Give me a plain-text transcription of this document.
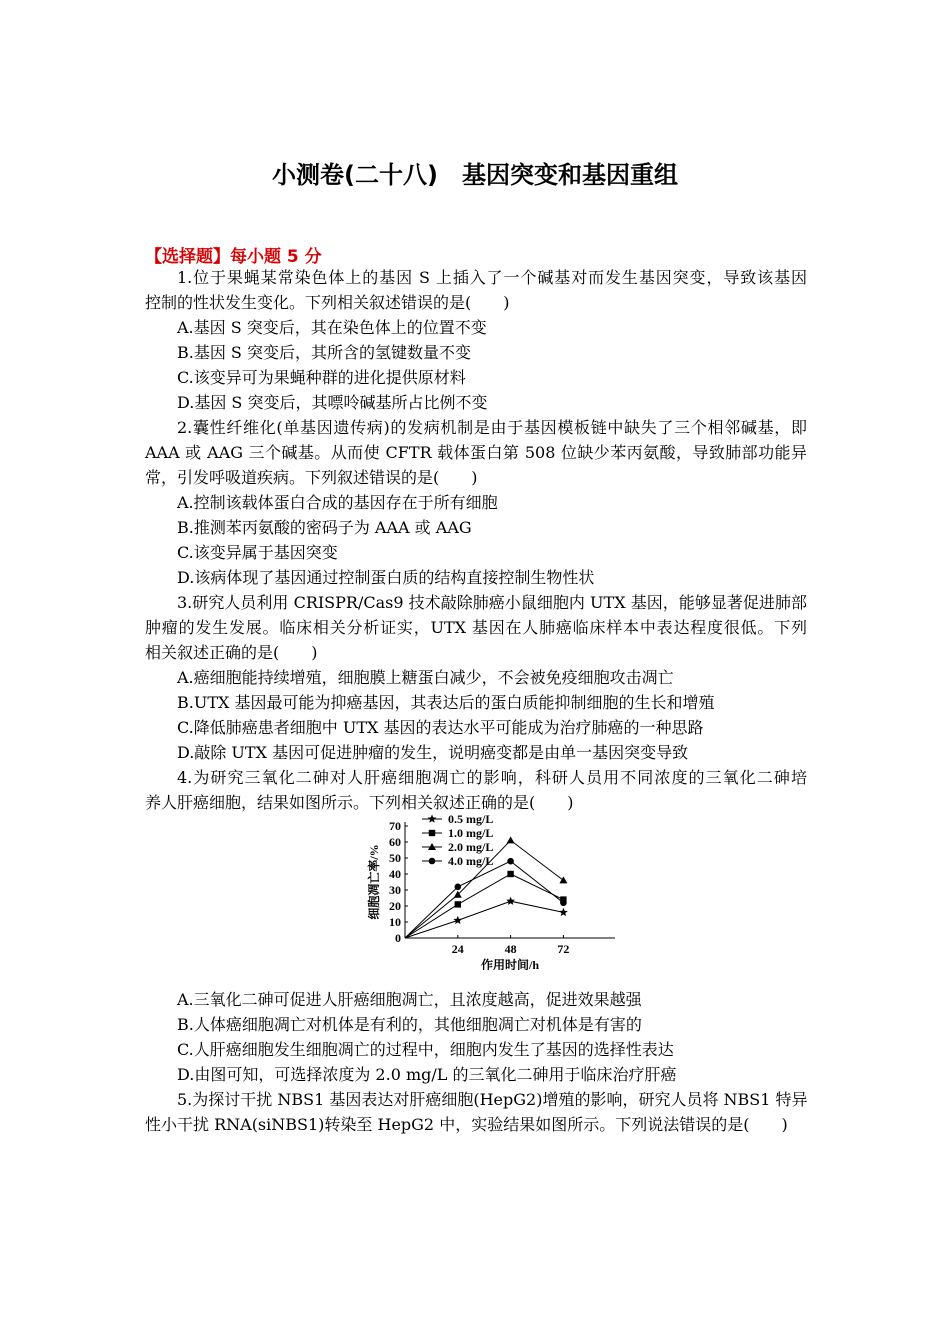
小测卷(二十八)　基因突变和基因重组
【选择题】每小题 5 分
1.位于果蝇某常染色体上的基因 S 上插入了一个碱基对而发生基因突变，导致该基因
控制的性状发生变化。下列相关叙述错误的是(　　)
A.基因 S 突变后，其在染色体上的位置不变
B.基因 S 突变后，其所含的氢键数量不变
C.该变异可为果蝇种群的进化提供原材料
D.基因 S 突变后，其嘌呤碱基所占比例不变
2.囊性纤维化(单基因遗传病)的发病机制是由于基因模板链中缺失了三个相邻碱基，即
AAA 或 AAG 三个碱基。从而使 CFTR 载体蛋白第 508 位缺少苯丙氨酸，导致肺部功能异
常，引发呼吸道疾病。下列叙述错误的是(　　)
A.控制该载体蛋白合成的基因存在于所有细胞
B.推测苯丙氨酸的密码子为 AAA 或 AAG
C.该变异属于基因突变
D.该病体现了基因通过控制蛋白质的结构直接控制生物性状
3.研究人员利用 CRISPR/Cas9 技术敲除肺癌小鼠细胞内 UTX 基因，能够显著促进肺部
肿瘤的发生发展。临床相关分析证实，UTX 基因在人肺癌临床样本中表达程度很低。下列
相关叙述正确的是(　　)
A.癌细胞能持续增殖，细胞膜上糖蛋白减少，不会被免疫细胞攻击凋亡
B.UTX 基因最可能为抑癌基因，其表达后的蛋白质能抑制细胞的生长和增殖
C.降低肺癌患者细胞中 UTX 基因的表达水平可能成为治疗肺癌的一种思路
D.敲除 UTX 基因可促进肿瘤的发生，说明癌变都是由单一基因突变导致
4.为研究三氧化二砷对人肝癌细胞凋亡的影响，科研人员用不同浓度的三氧化二砷培
养人肝癌细胞，结果如图所示。下列相关叙述正确的是(　　)
0
10
20
30
40
50
60
70
24	48	72
作用时间/h
细胞凋亡率/%
0.5 mg/L
1.0 mg/L
2.0 mg/L
4.0 mg/L
A.三氧化二砷可促进人肝癌细胞凋亡，且浓度越高，促进效果越强
B.人体癌细胞凋亡对机体是有利的，其他细胞凋亡对机体是有害的
C.人肝癌细胞发生细胞凋亡的过程中，细胞内发生了基因的选择性表达
D.由图可知，可选择浓度为 2.0 mg/L 的三氧化二砷用于临床治疗肝癌
5.为探讨干扰 NBS1 基因表达对肝癌细胞(HepG2)增殖的影响，研究人员将 NBS1 特异
性小干扰 RNA(siNBS1)转染至 HepG2 中，实验结果如图所示。下列说法错误的是(　　)
